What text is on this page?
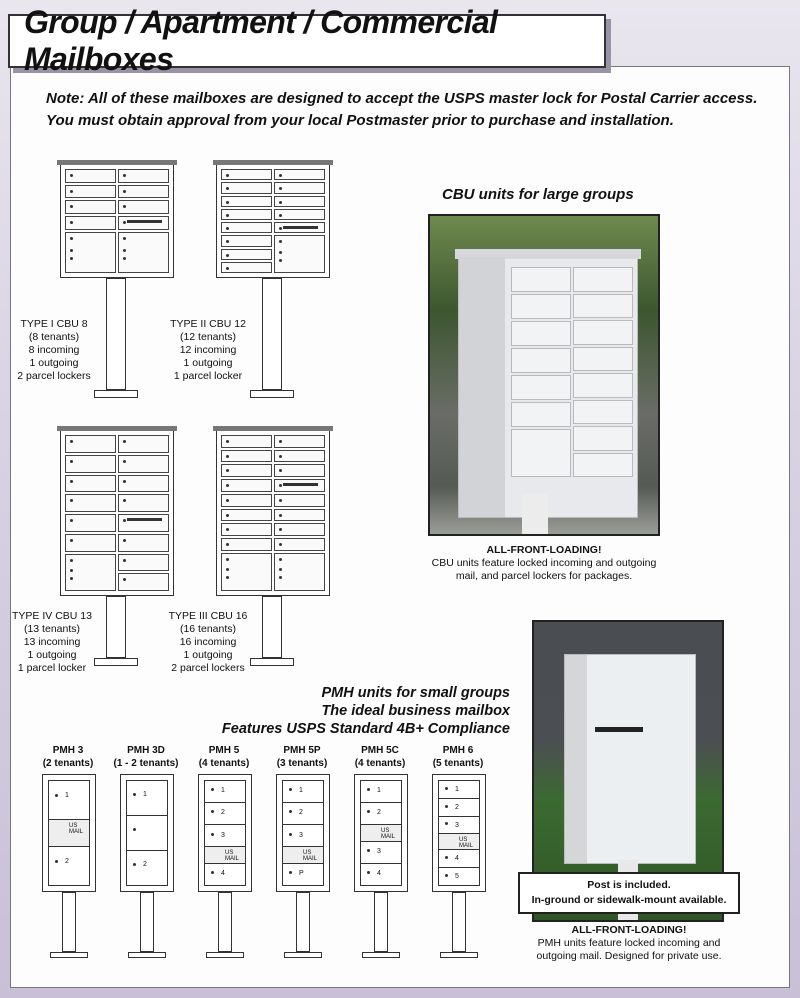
Group / Apartment / Commercial Mailboxes
Note: All of these mailboxes are designed to accept the USPS master lock for Postal Carrier access.
You must obtain approval from your local Postmaster prior to purchase and installation.
TYPE I CBU 8
(8 tenants)
8 incoming
1 outgoing
2 parcel lockers
TYPE II CBU 12
(12 tenants)
12 incoming
1 outgoing
1 parcel locker
TYPE IV CBU 13
(13 tenants)
13 incoming
1 outgoing
1 parcel locker
TYPE III CBU 16
(16 tenants)
16 incoming
1 outgoing
2 parcel lockers
CBU units for large groups
ALL-FRONT-LOADING!
CBU units feature locked incoming and outgoing
mail, and parcel lockers for packages.
PMH units for small groups
The ideal business mailbox
Features USPS Standard 4B+ Compliance
PMH 3
(2 tenants)
1
US MAIL
2
PMH 3D
(1 - 2 tenants)
1
2
PMH 5
(4 tenants)
1
2
3
US MAIL
4
PMH 5P
(3 tenants)
1
2
3
US MAIL
P
PMH 5C
(4 tenants)
1
2
US MAIL
3
4
PMH 6
(5 tenants)
1
2
3
US MAIL
4
5
Post is included.
In-ground or sidewalk-mount available.
ALL-FRONT-LOADING!
PMH units feature locked incoming and
outgoing mail. Designed for private use.
